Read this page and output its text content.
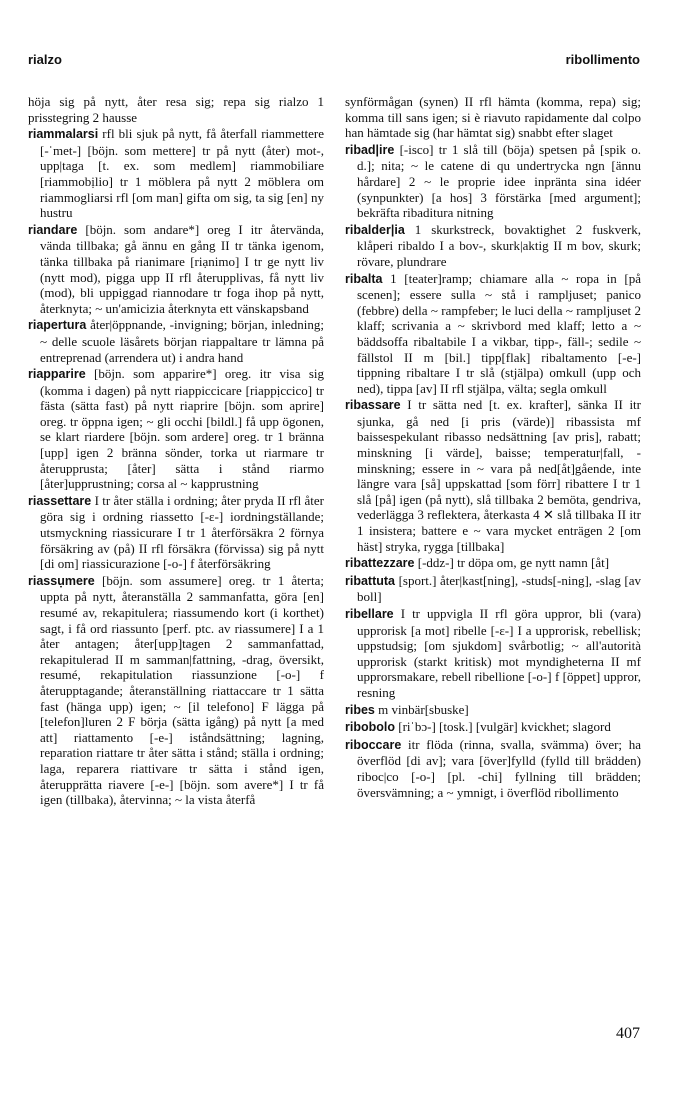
rialzo	ribollimento
höja sig på nytt, åter resa sig; repa sig rialzo 1 prisstegring 2 hausse
riammalarsi rfl bli sjuk på nytt, få återfall riammettere [-ˈmet-] [böjn. som mettere] tr på nytt (åter) mot-, upp|taga [t. ex. som medlem] riammobiliare [riammobịlio] tr 1 möblera på nytt 2 möblera om riammogliarsi rfl [om man] gifta om sig, ta sig [en] ny hustru
riandare [böjn. som andare*] oreg I itr återvända, vända tillbaka; gå ännu en gång II tr tänka igenom, tänka tillbaka på rianimare [riạnimo] I tr ge nytt liv (nytt mod), pigga upp II rfl återupplivas, få nytt liv (mod), bli uppiggad riannodare tr foga ihop på nytt, återknyta; ~ un'amicizia återknyta ett vänskapsband
riapertura åter|öppnande, -invigning; början, inledning; ~ delle scuole läsårets början riappaltare tr lämna på entreprenad (arrendera ut) i andra hand
riapparire [böjn. som apparire*] oreg. itr visa sig (komma i dagen) på nytt riappiccicare [riappịccico] tr fästa (sätta fast) på nytt riaprire [böjn. som aprire] oreg. tr öppna igen; ~ gli occhi [bildl.] få upp ögonen, se klart riardere [böjn. som ardere] oreg. tr 1 bränna [upp] igen 2 bränna sönder, torka ut riarmare tr återupprusta; [åter] sätta i stånd riarmo [åter]upprustning; corsa al ~ kapprustning
riassettare I tr åter ställa i ordning; åter pryda II rfl åter göra sig i ordning riassetto [-ɛ-] iordningställande; utsmyckning riassicurare I tr 1 återförsäkra 2 förnya försäkring av (på) II rfl försäkra (förvissa) sig på nytt [di om] riassicurazione [-o-] f återförsäkring
riassụmere [böjn. som assumere] oreg. tr 1 återta; uppta på nytt, återanställa 2 sammanfatta, göra [en] resumé av, rekapitulera; riassumendo kort (i korthet) sagt, i få ord riassunto [perf. ptc. av riassumere] I a 1 åter antagen; åter[upp]tagen 2 sammanfattad, rekapitulerad II m samman|fattning, -drag, översikt, resumé, rekapitulation riassunzione [-o-] f återupptagande; återanställning riattaccare tr 1 sätta fast (hänga upp) igen; ~ [il telefono] F lägga på [telefon]luren 2 F börja (sätta igång) på nytt [a med att] riattamento [-e-] iståndsättning; lagning, reparation riattare tr åter sätta i stånd; ställa i ordning; laga, reparera riattivare tr sätta i stånd igen, återupprätta riavere [-e-] [böjn. som avere*] I tr få igen (tillbaka), återvinna; ~ la vista återfå
synförmågan (synen) II rfl hämta (komma, repa) sig; komma till sans igen; si è riavuto rapidamente dal colpo han hämtade sig (har hämtat sig) snabbt efter slaget
ribad|ire [-isco] tr 1 slå till (böja) spetsen på [spik o. d.]; nita; ~ le catene di qu undertrycka ngn [ännu hårdare] 2 ~ le proprie idee inpränta sina idéer (synpunkter) [a hos] 3 förstärka [med argument]; bekräfta ribaditura nitning
ribalder|ia 1 skurkstreck, bovaktighet 2 fuskverk, klåperi ribaldo I a bov-, skurk|aktig II m bov, skurk; rövare, plundrare
ribalta 1 [teater]ramp; chiamare alla ~ ropa in [på scenen]; essere sulla ~ stå i rampljuset; panico (febbre) della ~ rampfeber; le luci della ~ rampljuset 2 klaff; scrivania a ~ skrivbord med klaff; letto a ~ bäddsoffa ribaltabile I a vikbar, tipp-, fäll-; sedile ~ fällstol II m [bil.] tipp[flak] ribaltamento [-e-] tippning ribaltare I tr slå (stjälpa) omkull (upp och ned), tippa [av] II rfl stjälpa, välta; segla omkull
ribassare I tr sätta ned [t. ex. krafter], sänka II itr sjunka, gå ned [i pris (värde)] ribassista mf baissespekulant ribasso nedsättning [av pris], rabatt; minskning [i värde], baisse; temperatur|fall, -minskning; essere in ~ vara på ned[åt]gående, inte längre vara [så] uppskattad [som förr] ribattere I tr 1 slå [på] igen (på nytt), slå tillbaka 2 bemöta, gendriva, vederlägga 3 reflektera, återkasta 4 ✕ slå tillbaka II itr 1 insistera; battere e ~ vara mycket enträgen 2 [om häst] stryka, rygga [tillbaka]
ribattezzare [-ddz-] tr döpa om, ge nytt namn [åt]
ribattuta [sport.] åter|kast[ning], -studs[-ning], -slag [av boll]
ribellare I tr uppvigla II rfl göra uppror, bli (vara) upprorisk [a mot] ribelle [-ɛ-] I a upprorisk, rebellisk; uppstudsig; [om sjukdom] svårbotlig; ~ all'autorità upprorisk (starkt kritisk) mot myndigheterna II mf upprorsmakare, rebell ribellione [-o-] f [öppet] uppror, resning
ribes m vinbär[sbuske]
ribobolo [riˈbɔ-] [tosk.] [vulgär] kvickhet; slagord
riboccare itr flöda (rinna, svalla, svämma) över; ha överflöd [di av]; vara [över]fylld (fylld till brädden) riboc|co [-o-] [pl. -chi] fyllning till brädden; översvämning; a ~ ymnigt, i överflöd ribollimento
407
